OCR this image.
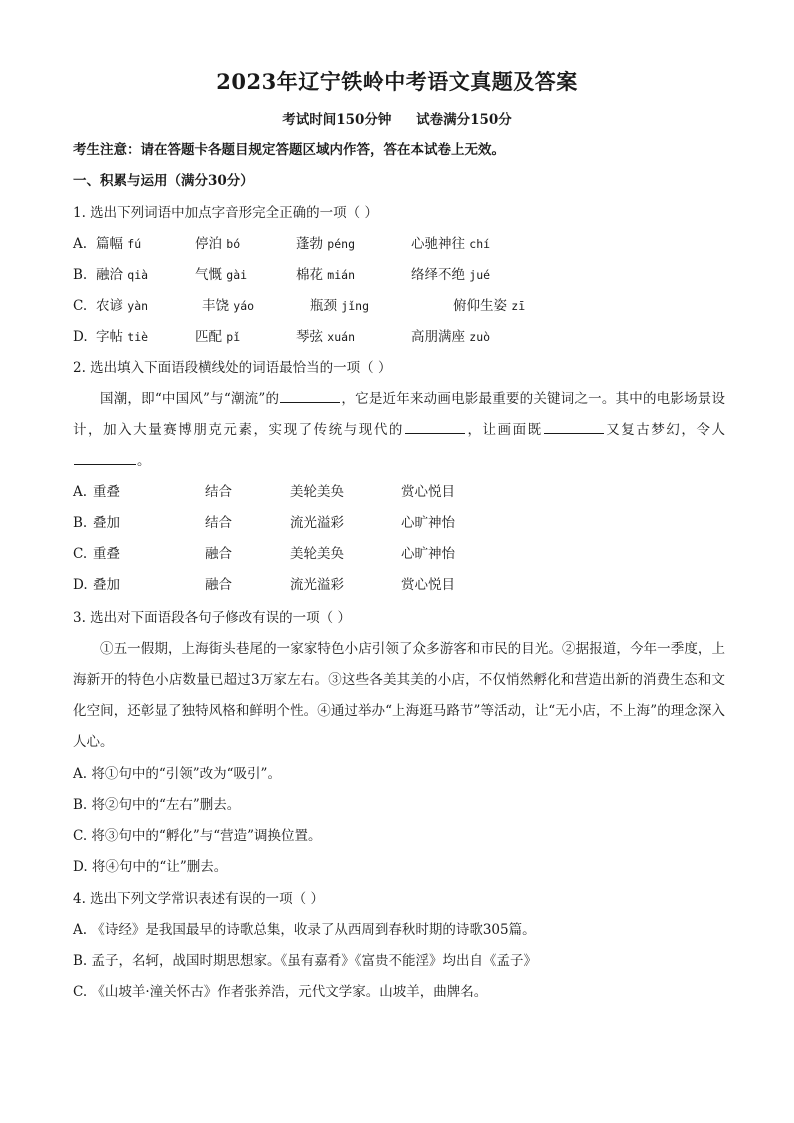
2023年辽宁铁岭中考语文真题及答案
考试时间150分钟 试卷满分150分
考生注意：请在答题卡各题目规定答题区域内作答，答在本试卷上无效。
一、积累与运用（满分30分）
1. 选出下列词语中加点字音形完全正确的一项（ ）
2. 选出填入下面语段横线处的词语最恰当的一项（ ）
国潮，即“中国风”与“潮流”的	，它是近年来动画电影最重要的关键词之一。其中的电影场景设计，加入大量赛博朋克元素，实现了传统与现代的	，让画面既	又复古梦幻，令人。
3. 选出对下面语段各句子修改有误的一项（ ）
①五一假期，上海街头巷尾的一家家特色小店引领了众多游客和市民的目光。②据报道，今年一季度，上海新开的特色小店数量已超过3万家左右。③这些各美其美的小店，不仅悄然孵化和营造出新的消费生态和文化空间，还彰显了独特风格和鲜明个性。④通过举办“上海逛马路节”等活动，让“无小店，不上海”的理念深入人心。
A. 将①句中的“引领”改为“吸引”。
B. 将②句中的“左右”删去。
C. 将③句中的“孵化”与“营造”调换位置。
D. 将④句中的“让”删去。
4. 选出下列文学常识表述有误的一项（ ）
A. 《诗经》是我国最早的诗歌总集，收录了从西周到春秋时期的诗歌305篇。
B. 孟子，名轲，战国时期思想家。《虽有嘉肴》《富贵不能淫》均出自《孟子》
C. 《山坡羊·潼关怀古》作者张养浩，元代文学家。山坡羊，曲牌名。
A. 篇幅 fú	停泊 bó	蓬勃 péng	心驰神往 chí
B. 融洽 qià	气慨 gài	棉花 mián	络绎不绝 jué
C. 农谚 yàn	丰饶 yáo	瓶颈 jǐng	俯仰生姿 zī
D. 字帖 tiè	匹配 pǐ	琴弦 xuán	高朋满座 zuò
A. 重叠	结合	美轮美奂	赏心悦目
B. 叠加	结合	流光溢彩	心旷神怡
C. 重叠	融合	美轮美奂	心旷神怡
D. 叠加	融合	流光溢彩	赏心悦目
